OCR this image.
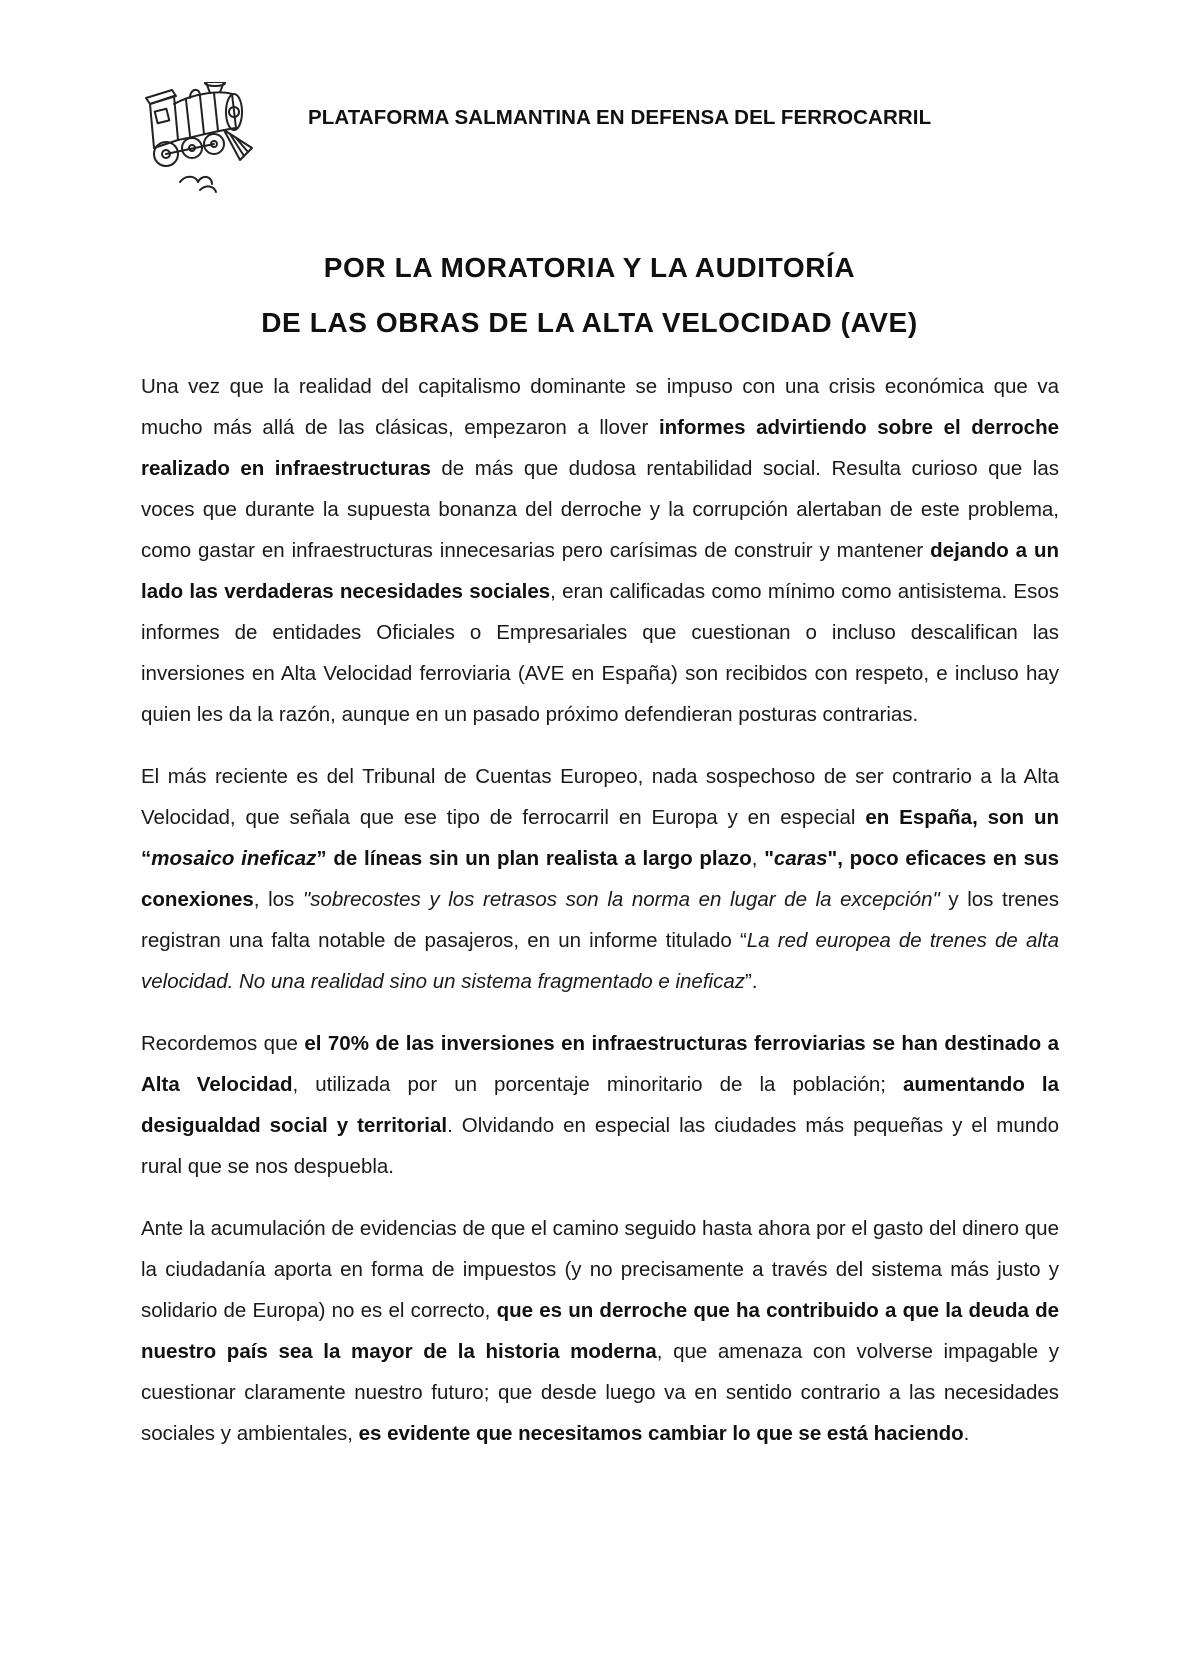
PLATAFORMA SALMANTINA EN DEFENSA DEL FERROCARRIL
POR LA MORATORIA Y LA AUDITORÍA
DE LAS OBRAS DE LA ALTA VELOCIDAD (AVE)

Una vez que la realidad del capitalismo dominante se impuso con una crisis económica que va mucho más allá de las clásicas, empezaron a llover informes advirtiendo sobre el derroche realizado en infraestructuras de más que dudosa rentabilidad social. Resulta curioso que las voces que durante la supuesta bonanza del derroche y la corrupción alertaban de este problema, como gastar en infraestructuras innecesarias pero carísimas de construir y mantener dejando a un lado las verdaderas necesidades sociales, eran calificadas como mínimo como antisistema. Esos informes de entidades Oficiales o Empresariales que cuestionan o incluso descalifican las inversiones en Alta Velocidad ferroviaria (AVE en España) son recibidos con respeto, e incluso hay quien les da la razón, aunque en un pasado próximo defendieran posturas contrarias.

El más reciente es del Tribunal de Cuentas Europeo, nada sospechoso de ser contrario a la Alta Velocidad, que señala que ese tipo de ferrocarril en Europa y en especial en España, son un “mosaico ineficaz” de líneas sin un plan realista a largo plazo, "caras", poco eficaces en sus conexiones, los "sobrecostes y los retrasos son la norma en lugar de la excepción" y los trenes registran una falta notable de pasajeros, en un informe titulado “La red europea de trenes de alta velocidad. No una realidad sino un sistema fragmentado e ineficaz”.

Recordemos que el 70% de las inversiones en infraestructuras ferroviarias se han destinado a Alta Velocidad, utilizada por un porcentaje minoritario de la población; aumentando la desigualdad social y territorial. Olvidando en especial las ciudades más pequeñas y el mundo rural que se nos despuebla.

Ante la acumulación de evidencias de que el camino seguido hasta ahora por el gasto del dinero que la ciudadanía aporta en forma de impuestos (y no precisamente a través del sistema más justo y solidario de Europa) no es el correcto, que es un derroche que ha contribuido a que la deuda de nuestro país sea la mayor de la historia moderna, que amenaza con volverse impagable y cuestionar claramente nuestro futuro; que desde luego va en sentido contrario a las necesidades sociales y ambientales, es evidente que necesitamos cambiar lo que se está haciendo.
